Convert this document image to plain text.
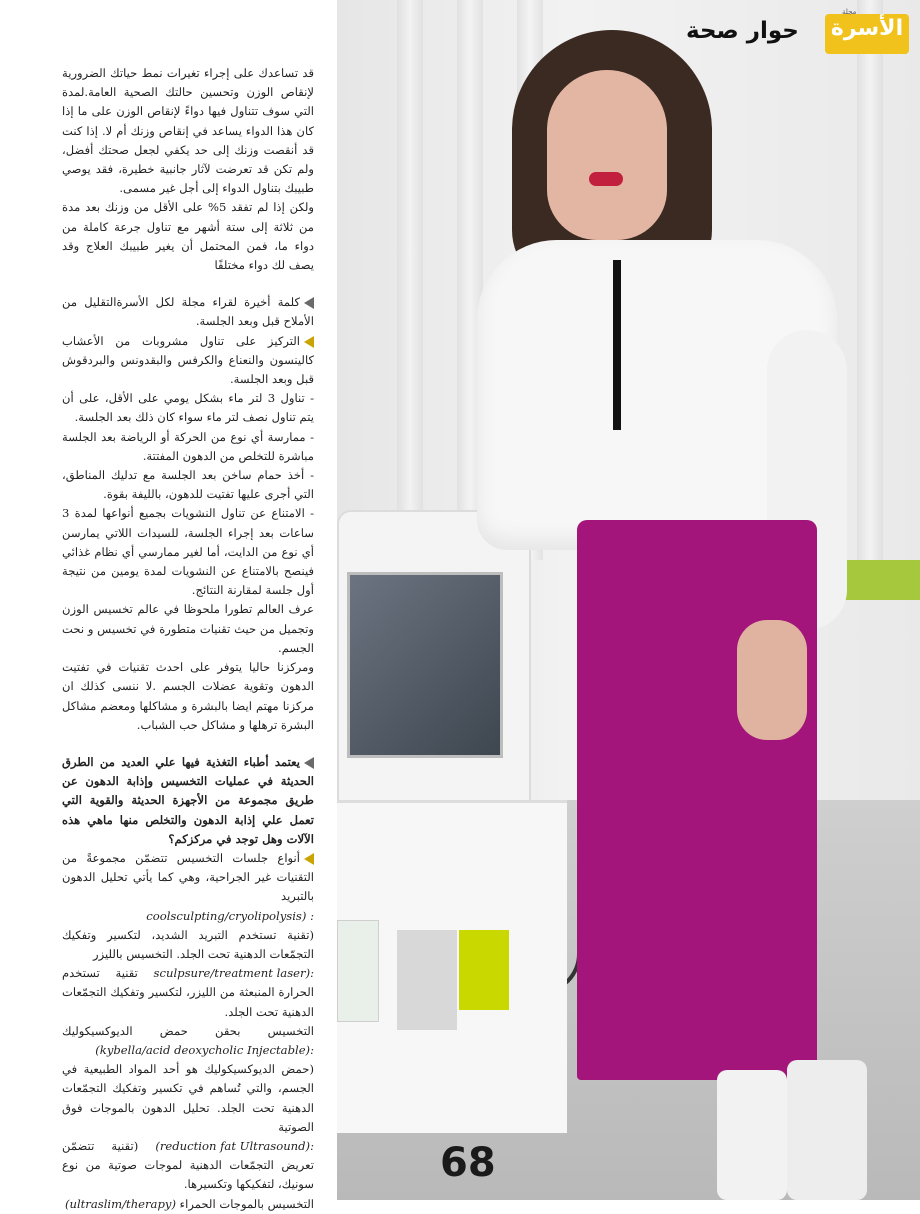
قد تساعدك على إجراء تغيرات نمط حياتك الضرورية لإنقاص الوزن وتحسين حالتك الصحية العامة.لمدة التي سوف تتناول فيها دواءً لإنقاص الوزن على ما إذا كان هذا الدواء يساعد في إنقاص وزنك أم لا. إذا كنت قد أنقصت وزنك إلى حد يكفي لجعل صحتك أفضل، ولم تكن قد تعرضت لآثار جانبية خطيرة، فقد يوصي طبيبك بتناول الدواء إلى أجل غير مسمى.

ولكن إذا لم تفقد 5% على الأقل من وزنك بعد مدة من ثلاثة إلى ستة أشهر مع تناول جرعة كاملة من دواء ما، فمن المحتمل أن يغير طبيبك العلاج وقد يصف لك دواء مختلفًا

كلمة أخيرة لقراء مجلة لكل الأسرةالتقليل من الأملاح قبل وبعد الجلسة.

التركيز على تناول مشروبات من الأعشاب كالينسون والنعناع والكرفس والبقدونس والبردقوش قبل وبعد الجلسة.

- تناول 3 لتر ماء بشكل يومي على الأقل، على أن يتم تناول نصف لتر ماء سواء كان ذلك بعد الجلسة.

- ممارسة أي نوع من الحركة أو الرياضة بعد الجلسة مباشرة للتخلص من الدهون المفتتة.

- أخذ حمام ساخن بعد الجلسة مع تدليك المناطق، التي أجرى عليها تفتيت للدهون، بالليفة بقوة.

- الامتناع عن تناول النشويات بجميع أنواعها لمدة 3 ساعات بعد إجراء الجلسة، للسيدات اللاتي يمارسن أي نوع من الدايت، أما لغير ممارسي أي نظام غذائي فينصح بالامتناع عن النشويات لمدة يومين من نتيجة أول جلسة لمقارنة النتائج.

عرف العالم تطورا ملحوظا في عالم تخسيس الوزن وتجميل من حيث تقنيات متطورة في تخسيس و نحت الجسم.

ومركزنا حاليا يتوفر على احدث تقنيات في تفتيت الدهون وتقوية عضلات الجسم .لا ننسى كذلك ان مركزنا مهتم ايضا بالبشرة و مشاكلها ومعضم مشاكل البشرة ترهلها و مشاكل حب الشباب.

يعتمد أطباء التغذية فيها علي العديد من الطرق الحديثة في عمليات التخسيس وإذابة الدهون عن طريق مجموعة من الأجهزة الحديثة والقوية التي تعمل علي إذابة الدهون والتخلص منها ماهي هذه الآلات وهل توجد في مركزكم؟

أنواع جلسات التخسيس تتضمّن مجموعةً من التقنيات غير الجراحية، وهي كما يأتي تحليل الدهون بالتبريد

coolsculpting/cryolipolysis) :

(تقنية تستخدم التبريد الشديد، لتكسير وتفكيك التجمّعات الدهنية تحت الجلد. التخسيس بالليزر

sculpsure/treatment laser): تقنية تستخدم الحرارة المنبعثة من الليزر، لتكسير وتفكيك التجمّعات الدهنية تحت الجلد.

التخسيس بحقن حمض الديوكسيكوليك (kybella/acid deoxycholic Injectable): (حمض الديوكسيكوليك هو أحد المواد الطبيعية في الجسم، والتي تُساهم في تكسير وتفكيك التجمّعات الدهنية تحت الجلد. تحليل الدهون بالموجات فوق الصوتية

(reduction fat Ultrasound): (تقنية تتضمّن تعريض التجمّعات الدهنية لموجات صوتية من نوع سونيك، لتفكيكها وتكسيرها.

التخسيس بالموجات الحمراء (ultraslim/therapy)

مجلة
الأسرة
حوار صحة
68
